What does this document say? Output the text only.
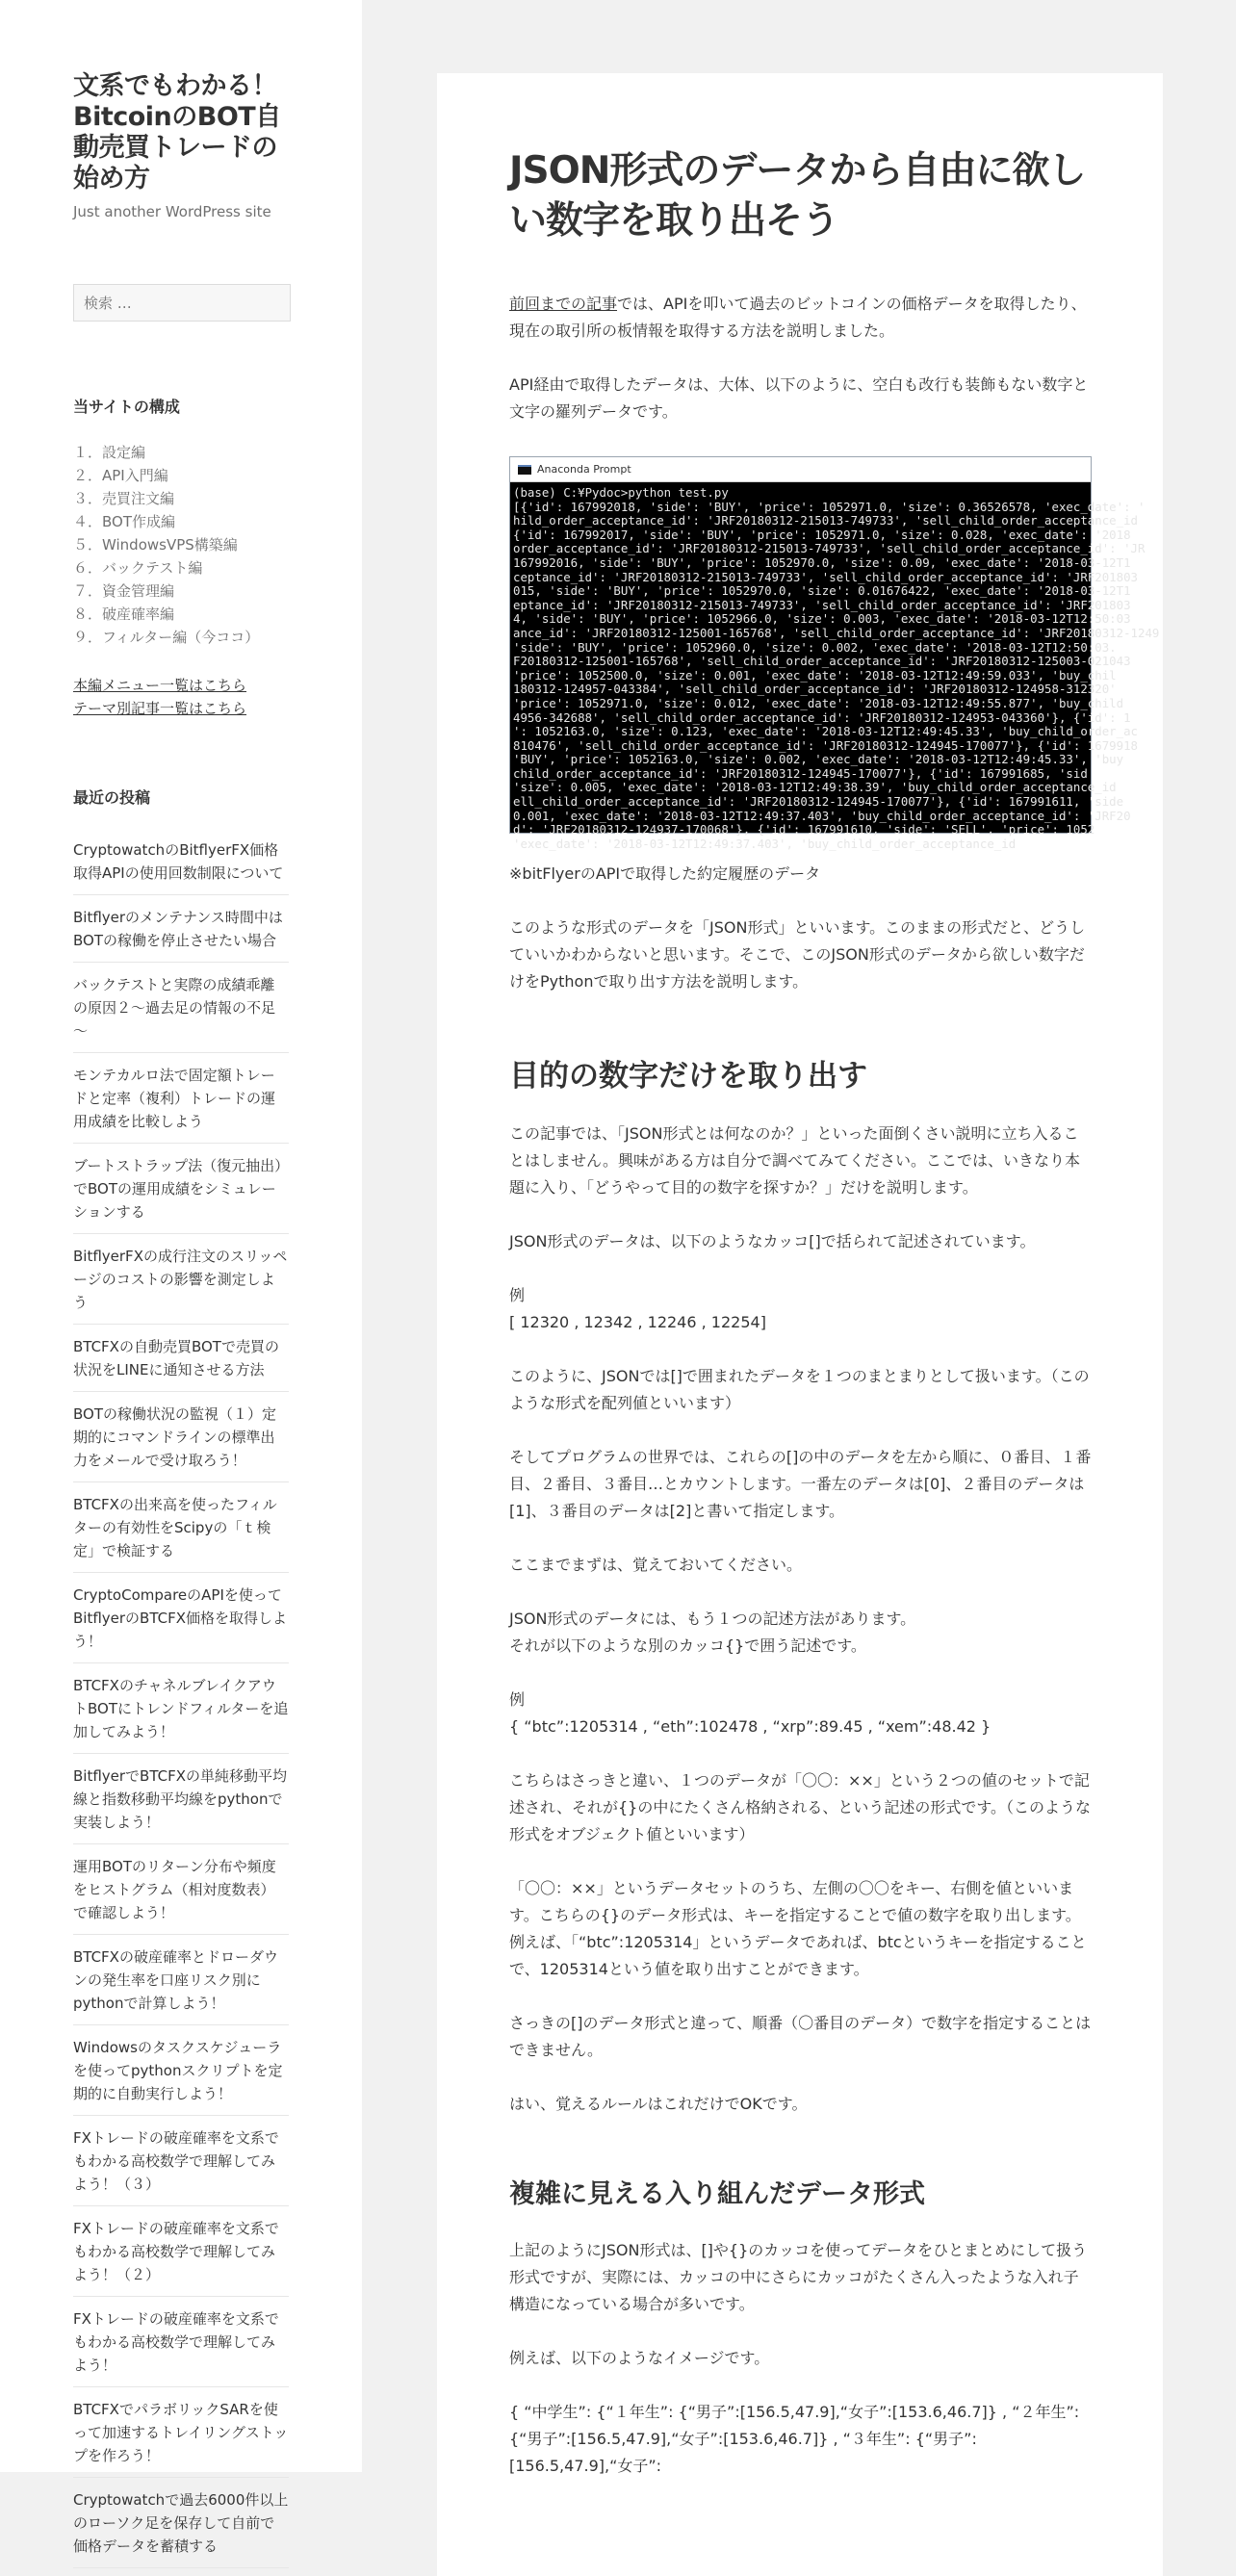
文系でもわかる！BitcoinのBOT自動売買トレードの始め方
Just another WordPress site
検索 …
当サイトの構成
１．設定編
２．API入門編
３．売買注文編
４．BOT作成編
５．WindowsVPS構築編
６．バックテスト編
７．資金管理編
８．破産確率編
９．フィルター編（今ココ）
本編メニュー一覧はこちら
テーマ別記事一覧はこちら
最近の投稿
CryptowatchのBitflyerFX価格取得APIの使用回数制限について
Bitflyerのメンテナンス時間中はBOTの稼働を停止させたい場合
バックテストと実際の成績乖離の原因２～過去足の情報の不足～
モンテカルロ法で固定額トレードと定率（複利）トレードの運用成績を比較しよう
ブートストラップ法（復元抽出）でBOTの運用成績をシミュレーションする
BitflyerFXの成行注文のスリッページのコストの影響を測定しよう
BTCFXの自動売買BOTで売買の状況をLINEに通知させる方法
BOTの稼働状況の監視（１）定期的にコマンドラインの標準出力をメールで受け取ろう！
BTCFXの出来高を使ったフィルターの有効性をScipyの「ｔ検定」で検証する
CryptoCompareのAPIを使ってBitflyerのBTCFX価格を取得しよう！
BTCFXのチャネルブレイクアウトBOTにトレンドフィルターを追加してみよう！
BitflyerでBTCFXの単純移動平均線と指数移動平均線をpythonで実装しよう！
運用BOTのリターン分布や頻度をヒストグラム（相対度数表）で確認しよう！
BTCFXの破産確率とドローダウンの発生率を口座リスク別にpythonで計算しよう！
Windowsのタスクスケジューラを使ってpythonスクリプトを定期的に自動実行しよう！
FXトレードの破産確率を文系でもわかる高校数学で理解してみよう！（３）
FXトレードの破産確率を文系でもわかる高校数学で理解してみよう！（２）
FXトレードの破産確率を文系でもわかる高校数学で理解してみよう！
BTCFXでパラボリックSARを使って加速するトレイリングストップを作ろう！
Cryptowatchで過去6000件以上のローソク足を保存して自前で価格データを蓄積する
JSON形式のデータから自由に欲しい数字を取り出そう

前回までの記事では、APIを叩いて過去のビットコインの価格データを取得したり、現在の取引所の板情報を取得する方法を説明しました。

API経由で取得したデータは、大体、以下のように、空白も改行も装飾もない数字と文字の羅列データです。

Anaconda Prompt
(base) C:¥Pydoc>python test.py
[{'id': 167992018, 'side': 'BUY', 'price': 1052971.0, 'size': 0.36526578, 'exec_date': '
hild_order_acceptance_id': 'JRF20180312-215013-749733', 'sell_child_order_acceptance_id
{'id': 167992017, 'side': 'BUY', 'price': 1052971.0, 'size': 0.028, 'exec_date': '2018
order_acceptance_id': 'JRF20180312-215013-749733', 'sell_child_order_acceptance_id': 'JR
167992016, 'side': 'BUY', 'price': 1052970.0, 'size': 0.09, 'exec_date': '2018-03-12T1
ceptance_id': 'JRF20180312-215013-749733', 'sell_child_order_acceptance_id': 'JRF201803
015, 'side': 'BUY', 'price': 1052970.0, 'size': 0.01676422, 'exec_date': '2018-03-12T1
eptance_id': 'JRF20180312-215013-749733', 'sell_child_order_acceptance_id': 'JRF201803
4, 'side': 'BUY', 'price': 1052966.0, 'size': 0.003, 'exec_date': '2018-03-12T12:50:03
ance_id': 'JRF20180312-125001-165768', 'sell_child_order_acceptance_id': 'JRF20180312-1249
'side': 'BUY', 'price': 1052960.0, 'size': 0.002, 'exec_date': '2018-03-12T12:50:03.
F20180312-125001-165768', 'sell_child_order_acceptance_id': 'JRF20180312-125003-021043
'price': 1052500.0, 'size': 0.001, 'exec_date': '2018-03-12T12:49:59.033', 'buy_chil
180312-124957-043384', 'sell_child_order_acceptance_id': 'JRF20180312-124958-312320'
'price': 1052971.0, 'size': 0.012, 'exec_date': '2018-03-12T12:49:55.877', 'buy_child
4956-342688', 'sell_child_order_acceptance_id': 'JRF20180312-124953-043360'}, {'id': 1
': 1052163.0, 'size': 0.123, 'exec_date': '2018-03-12T12:49:45.33', 'buy_child_order_ac
810476', 'sell_child_order_acceptance_id': 'JRF20180312-124945-170077'}, {'id': 1679918
'BUY', 'price': 1052163.0, 'size': 0.002, 'exec_date': '2018-03-12T12:49:45.33', 'buy
child_order_acceptance_id': 'JRF20180312-124945-170077'}, {'id': 167991685, 'sid
'size': 0.005, 'exec_date': '2018-03-12T12:49:38.39', 'buy_child_order_acceptance_id
ell_child_order_acceptance_id': 'JRF20180312-124945-170077'}, {'id': 167991611, 'side
0.001, 'exec_date': '2018-03-12T12:49:37.403', 'buy_child_order_acceptance_id': 'JRF20
d': 'JRF20180312-124937-170068'}, {'id': 167991610, 'side': 'SELL', 'price': 1052
'exec_date': '2018-03-12T12:49:37.403', 'buy_child_order_acceptance_id

※bitFlyerのAPIで取得した約定履歴のデータ

このような形式のデータを「JSON形式」といいます。このままの形式だと、どうしていいかわからないと思います。そこで、このJSON形式のデータから欲しい数字だけをPythonで取り出す方法を説明します。

目的の数字だけを取り出す

この記事では、「JSON形式とは何なのか？」といった面倒くさい説明に立ち入ることはしません。興味がある方は自分で調べてみてください。ここでは、いきなり本題に入り、「どうやって目的の数字を探すか？」だけを説明します。

JSON形式のデータは、以下のようなカッコ[]で括られて記述されています。

例
[ 12320 , 12342 , 12246 , 12254]

このように、JSONでは[]で囲まれたデータを１つのまとまりとして扱います。（このような形式を配列値といいます）

そしてプログラムの世界では、これらの[]の中のデータを左から順に、０番目、１番目、２番目、３番目…とカウントします。一番左のデータは[0]、２番目のデータは[1]、３番目のデータは[2]と書いて指定します。

ここまでまずは、覚えておいてください。

JSON形式のデータには、もう１つの記述方法があります。
それが以下のような別のカッコ{}で囲う記述です。

例
{ “btc”:1205314 , “eth”:102478 , “xrp”:89.45 , “xem”:48.42 }

こちらはさっきと違い、１つのデータが「〇〇：××」という２つの値のセットで記述され、それが{}の中にたくさん格納される、という記述の形式です。（このような形式をオブジェクト値といいます）

「〇〇：××」というデータセットのうち、左側の〇〇をキー、右側を値といいます。こちらの{}のデータ形式は、キーを指定することで値の数字を取り出します。例えば、「“btc”:1205314」というデータであれば、btcというキーを指定することで、1205314という値を取り出すことができます。

さっきの[]のデータ形式と違って、順番（〇番目のデータ）で数字を指定することはできません。

はい、覚えるルールはこれだけでOKです。

複雑に見える入り組んだデータ形式

上記のようにJSON形式は、[]や{}のカッコを使ってデータをひとまとめにして扱う形式ですが、実際には、カッコの中にさらにカッコがたくさん入ったような入れ子構造になっている場合が多いです。

例えば、以下のようなイメージです。

{ “中学生”: {“１年生”: {“男子”:[156.5,47.9],“女子”:[153.6,46.7]} , “２年生”: {“男子”:[156.5,47.9],“女子”:[153.6,46.7]} , “３年生”: {“男子”:[156.5,47.9],“女子”:
